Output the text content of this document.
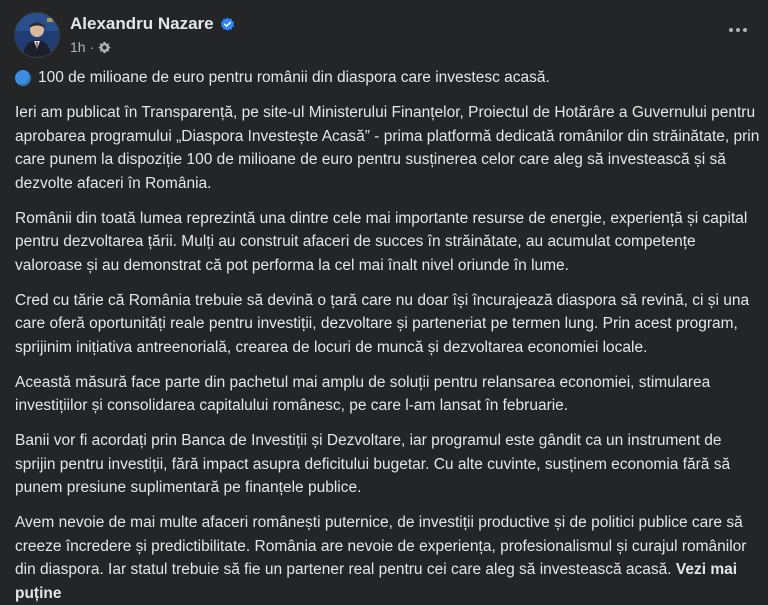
Alexandru Nazare
1h ·

100 de milioane de euro pentru românii din diaspora care investesc acasă.

Ieri am publicat în Transparență, pe site-ul Ministerului Finanțelor, Proiectul de Hotărâre a Guvernului pentru aprobarea programului „Diaspora Investește Acasă” - prima platformă dedicată românilor din străinătate, prin care punem la dispoziție 100 de milioane de euro pentru susținerea celor care aleg să investească și să dezvolte afaceri în România.

Românii din toată lumea reprezintă una dintre cele mai importante resurse de energie, experiență și capital pentru dezvoltarea țării. Mulți au construit afaceri de succes în străinătate, au acumulat competențe valoroase și au demonstrat că pot performa la cel mai înalt nivel oriunde în lume.

Cred cu tărie că România trebuie să devină o țară care nu doar își încurajează diaspora să revină, ci și una care oferă oportunități reale pentru investiții, dezvoltare și parteneriat pe termen lung. Prin acest program, sprijinim inițiativa antreenorială, crearea de locuri de muncă și dezvoltarea economiei locale.

Această măsură face parte din pachetul mai amplu de soluții pentru relansarea economiei, stimularea investițiilor și consolidarea capitalului românesc, pe care l-am lansat în februarie.

Banii vor fi acordați prin Banca de Investiții și Dezvoltare, iar programul este gândit ca un instrument de sprijin pentru investiții, fără impact asupra deficitului bugetar. Cu alte cuvinte, susținem economia fără să punem presiune suplimentară pe finanțele publice.

Avem nevoie de mai multe afaceri românești puternice, de investiții productive și de politici publice care să creeze încredere și predictibilitate. România are nevoie de experiența, profesionalismul și curajul românilor din diaspora. Iar statul trebuie să fie un partener real pentru cei care aleg să investească acasă. Vezi mai puține
